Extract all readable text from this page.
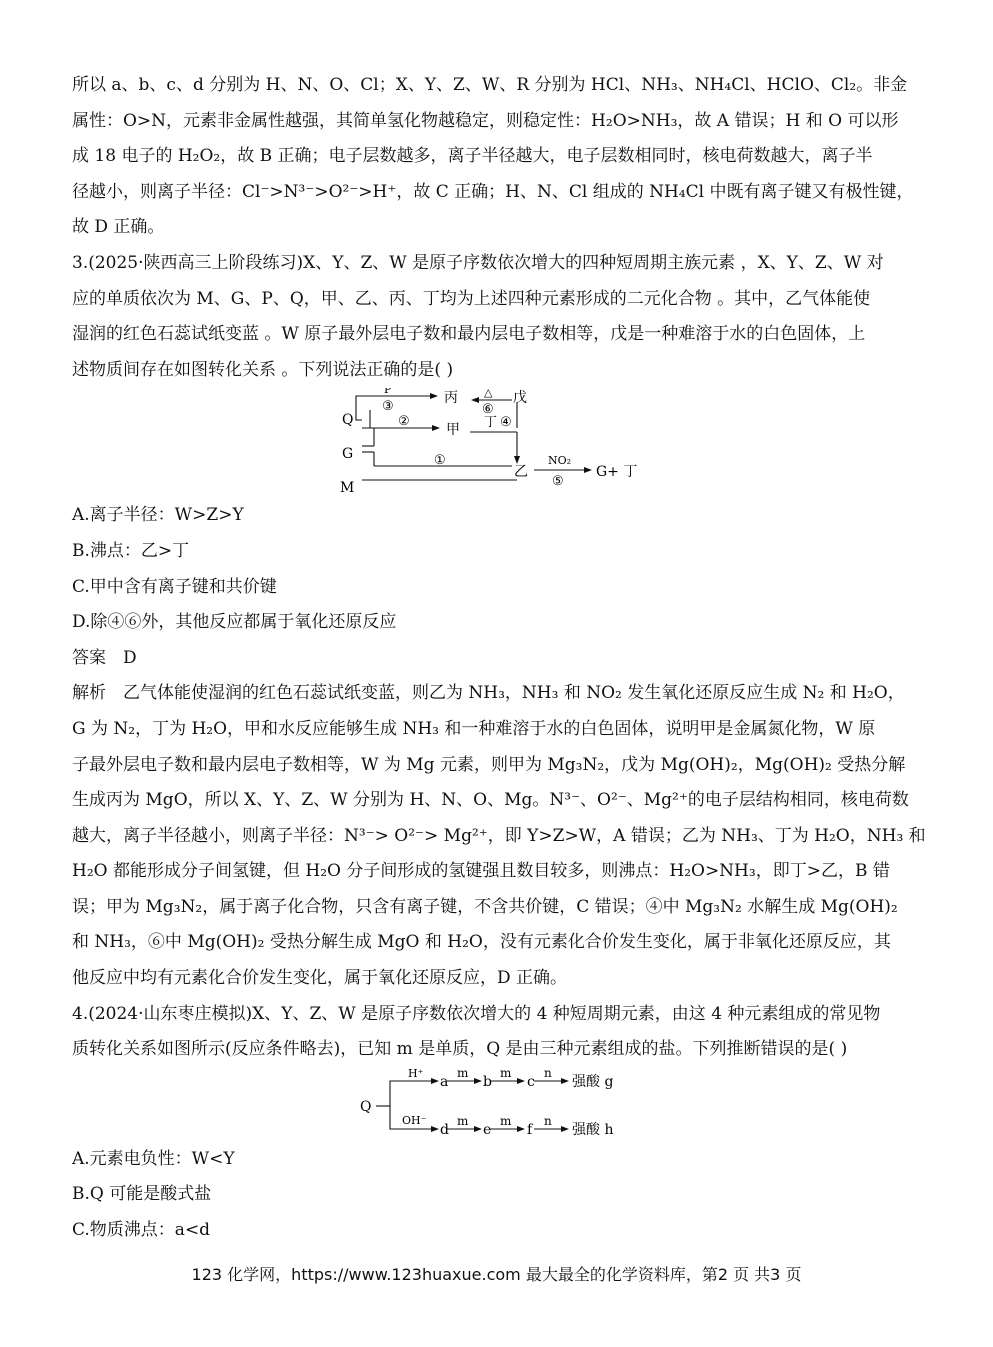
所以 a、b、c、d 分别为 H、N、O、Cl；X、Y、Z、W、R 分别为 HCl、NH₃、NH₄Cl、HClO、Cl₂。非金
属性：O>N，元素非金属性越强，其简单氢化物越稳定，则稳定性：H₂O>NH₃，故 A 错误；H 和 O 可以形
成 18 电子的 H₂O₂，故 B 正确；电子层数越多，离子半径越大，电子层数相同时，核电荷数越大，离子半
径越小，则离子半径：Cl⁻>N³⁻>O²⁻>H⁺，故 C 正确；H、N、Cl 组成的 NH₄Cl 中既有离子键又有极性键，
故 D 正确。
3.(2025·陕西高三上阶段练习)X、Y、Z、W 是原子序数依次增大的四种短周期主族元素 ，X、Y、Z、W 对
应的单质依次为 M、G、P、Q，甲、乙、丙、丁均为上述四种元素形成的二元化合物 。其中，乙气体能使
湿润的红色石蕊试纸变蓝 。W 原子最外层电子数和最内层电子数相等，戊是一种难溶于水的白色固体，上
述物质间存在如图转化关系 。下列说法正确的是( )
Q
G
M
P
③
丙 △
⑥
戊
②
甲 丁 ④
①
乙
NO₂
⑤
G+ 丁
A.离子半径：W>Z>Y
B.沸点：乙>丁
C.甲中含有离子键和共价键
D.除④⑥外，其他反应都属于氧化还原反应
答案  D
解析　乙气体能使湿润的红色石蕊试纸变蓝，则乙为 NH₃，NH₃ 和 NO₂ 发生氧化还原反应生成 N₂ 和 H₂O，
G 为 N₂，丁为 H₂O，甲和水反应能够生成 NH₃ 和一种难溶于水的白色固体，说明甲是金属氮化物，W 原
子最外层电子数和最内层电子数相等，W 为 Mg 元素，则甲为 Mg₃N₂，戊为 Mg(OH)₂，Mg(OH)₂ 受热分解
生成丙为 MgO，所以 X、Y、Z、W 分别为 H、N、O、Mg。N³⁻、O²⁻、Mg²⁺的电子层结构相同，核电荷数
越大，离子半径越小，则离子半径：N³⁻> O²⁻> Mg²⁺，即 Y>Z>W，A 错误；乙为 NH₃、丁为 H₂O，NH₃ 和
H₂O 都能形成分子间氢键，但 H₂O 分子间形成的氢键强且数目较多，则沸点：H₂O>NH₃，即丁>乙，B 错
误；甲为 Mg₃N₂，属于离子化合物，只含有离子键，不含共价键，C 错误；④中 Mg₃N₂ 水解生成 Mg(OH)₂
和 NH₃，⑥中 Mg(OH)₂ 受热分解生成 MgO 和 H₂O，没有元素化合价发生变化，属于非氧化还原反应，其
他反应中均有元素化合价发生变化，属于氧化还原反应，D 正确。
4.(2024·山东枣庄模拟)X、Y、Z、W 是原子序数依次增大的 4 种短周期元素，由这 4 种元素组成的常见物
质转化关系如图所示(反应条件略去)，已知 m 是单质，Q 是由三种元素组成的盐。下列推断错误的是( )
Q
H⁺
OH⁻
a
m
b
m
c
n
强酸 g
d
m
e
m
f
n
强酸 h
A.元素电负性：W<Y
B.Q 可能是酸式盐
C.物质沸点：a<d
123 化学网，https://www.123huaxue.com 最大最全的化学资料库，第2 页 共3 页
